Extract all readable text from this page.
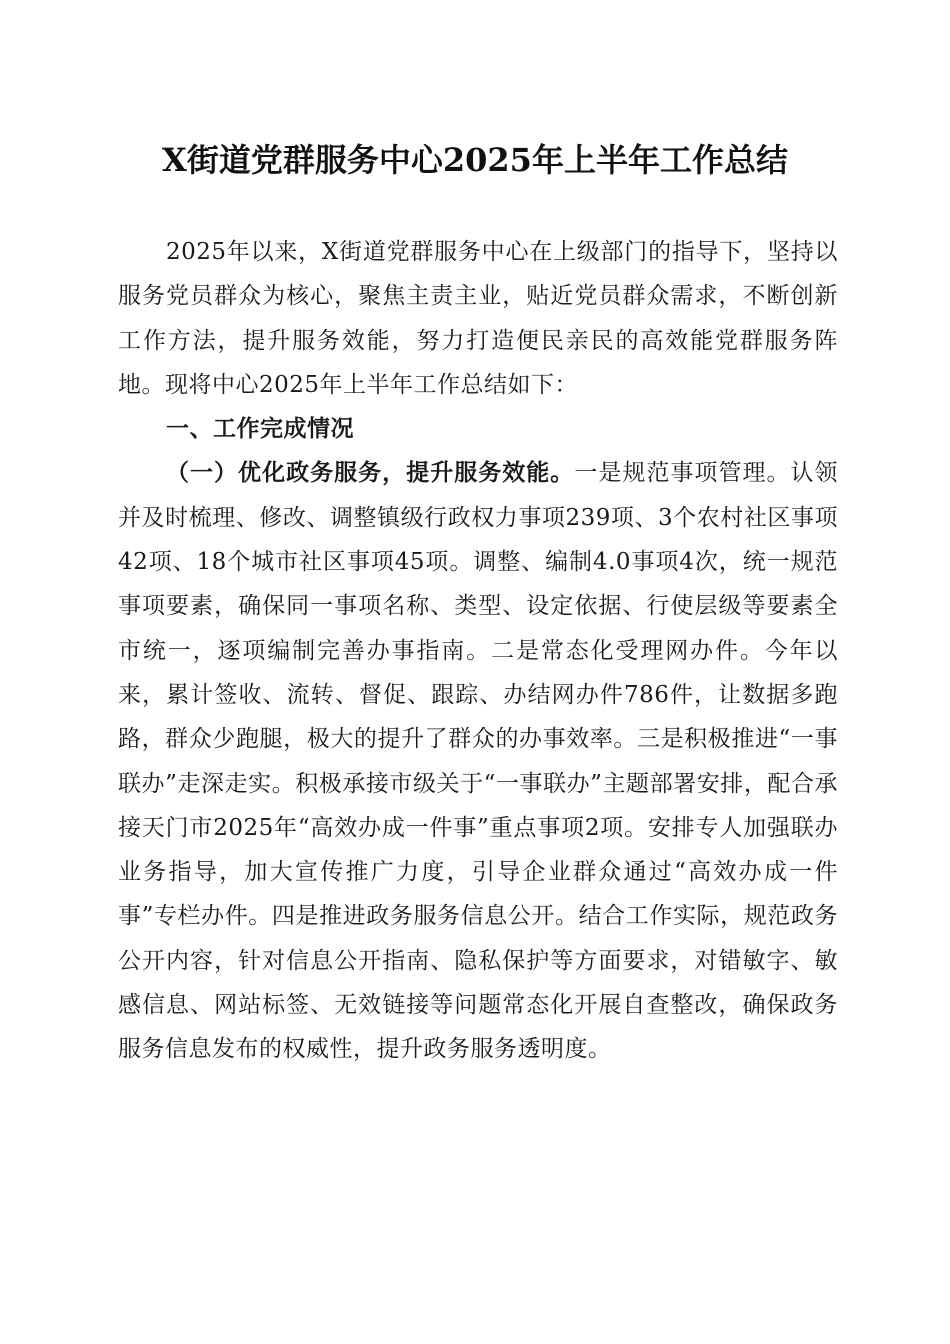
X街道党群服务中心2025年上半年工作总结

2025年以来，X街道党群服务中心在上级部门的指导下，坚持以服务党员群众为核心，聚焦主责主业，贴近党员群众需求，不断创新工作方法，提升服务效能，努力打造便民亲民的高效能党群服务阵地。现将中心2025年上半年工作总结如下：

一、工作完成情况

（一）优化政务服务，提升服务效能。一是规范事项管理。认领并及时梳理、修改、调整镇级行政权力事项239项、3个农村社区事项42项、18个城市社区事项45项。调整、编制4.0事项4次，统一规范事项要素，确保同一事项名称、类型、设定依据、行使层级等要素全市统一，逐项编制完善办事指南。二是常态化受理网办件。今年以来，累计签收、流转、督促、跟踪、办结网办件786件，让数据多跑路，群众少跑腿，极大的提升了群众的办事效率。三是积极推进“一事联办”走深走实。积极承接市级关于“一事联办”主题部署安排，配合承接天门市2025年“高效办成一件事”重点事项2项。安排专人加强联办业务指导，加大宣传推广力度，引导企业群众通过“高效办成一件事”专栏办件。四是推进政务服务信息公开。结合工作实际，规范政务公开内容，针对信息公开指南、隐私保护等方面要求，对错敏字、敏感信息、网站标签、无效链接等问题常态化开展自查整改，确保政务服务信息发布的权威性，提升政务服务透明度。
